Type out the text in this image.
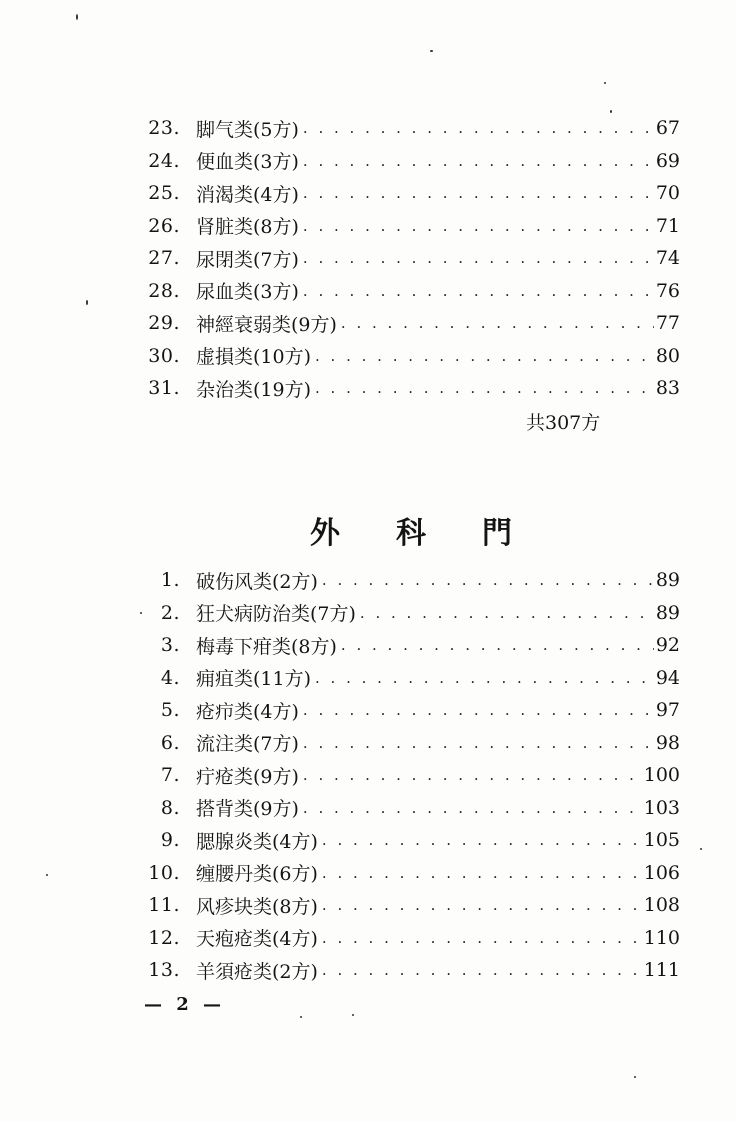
23. 脚气类(5方) . . .	67
24. 便血类(3方) . . .	69
25. 消渴类(4方) . . .	70
26. 肾脏类(8方) . . .	71
27. 尿閉类(7方) . . .	74
28. 尿血类(3方) . . .	76
29. 神經衰弱类(9方) . . .	77
30. 虚損类(10方) . . .	80
31. 杂治类(19方) . . .	83
共307方
外科門
1. 破伤风类(2方) . . .	89
2. 狂犬病防治类(7方) . . .	89
3. 梅毒下疳类(8方) . . .	92
4. 痈疽类(11方) . . .	94
5. 疮疖类(4方) . . .	97
6. 流注类(7方) . . .	98
7. 疔疮类(9方) . . .	100
8. 搭背类(9方) . . .	103
9. 腮腺炎类(4方) . . .	105
10. 缠腰丹类(6方) . . .	106
11. 风疹块类(8方) . . .	108
12. 天疱疮类(4方) . . .	110
13. 羊須疮类(2方) . . .	111
— 2 —
